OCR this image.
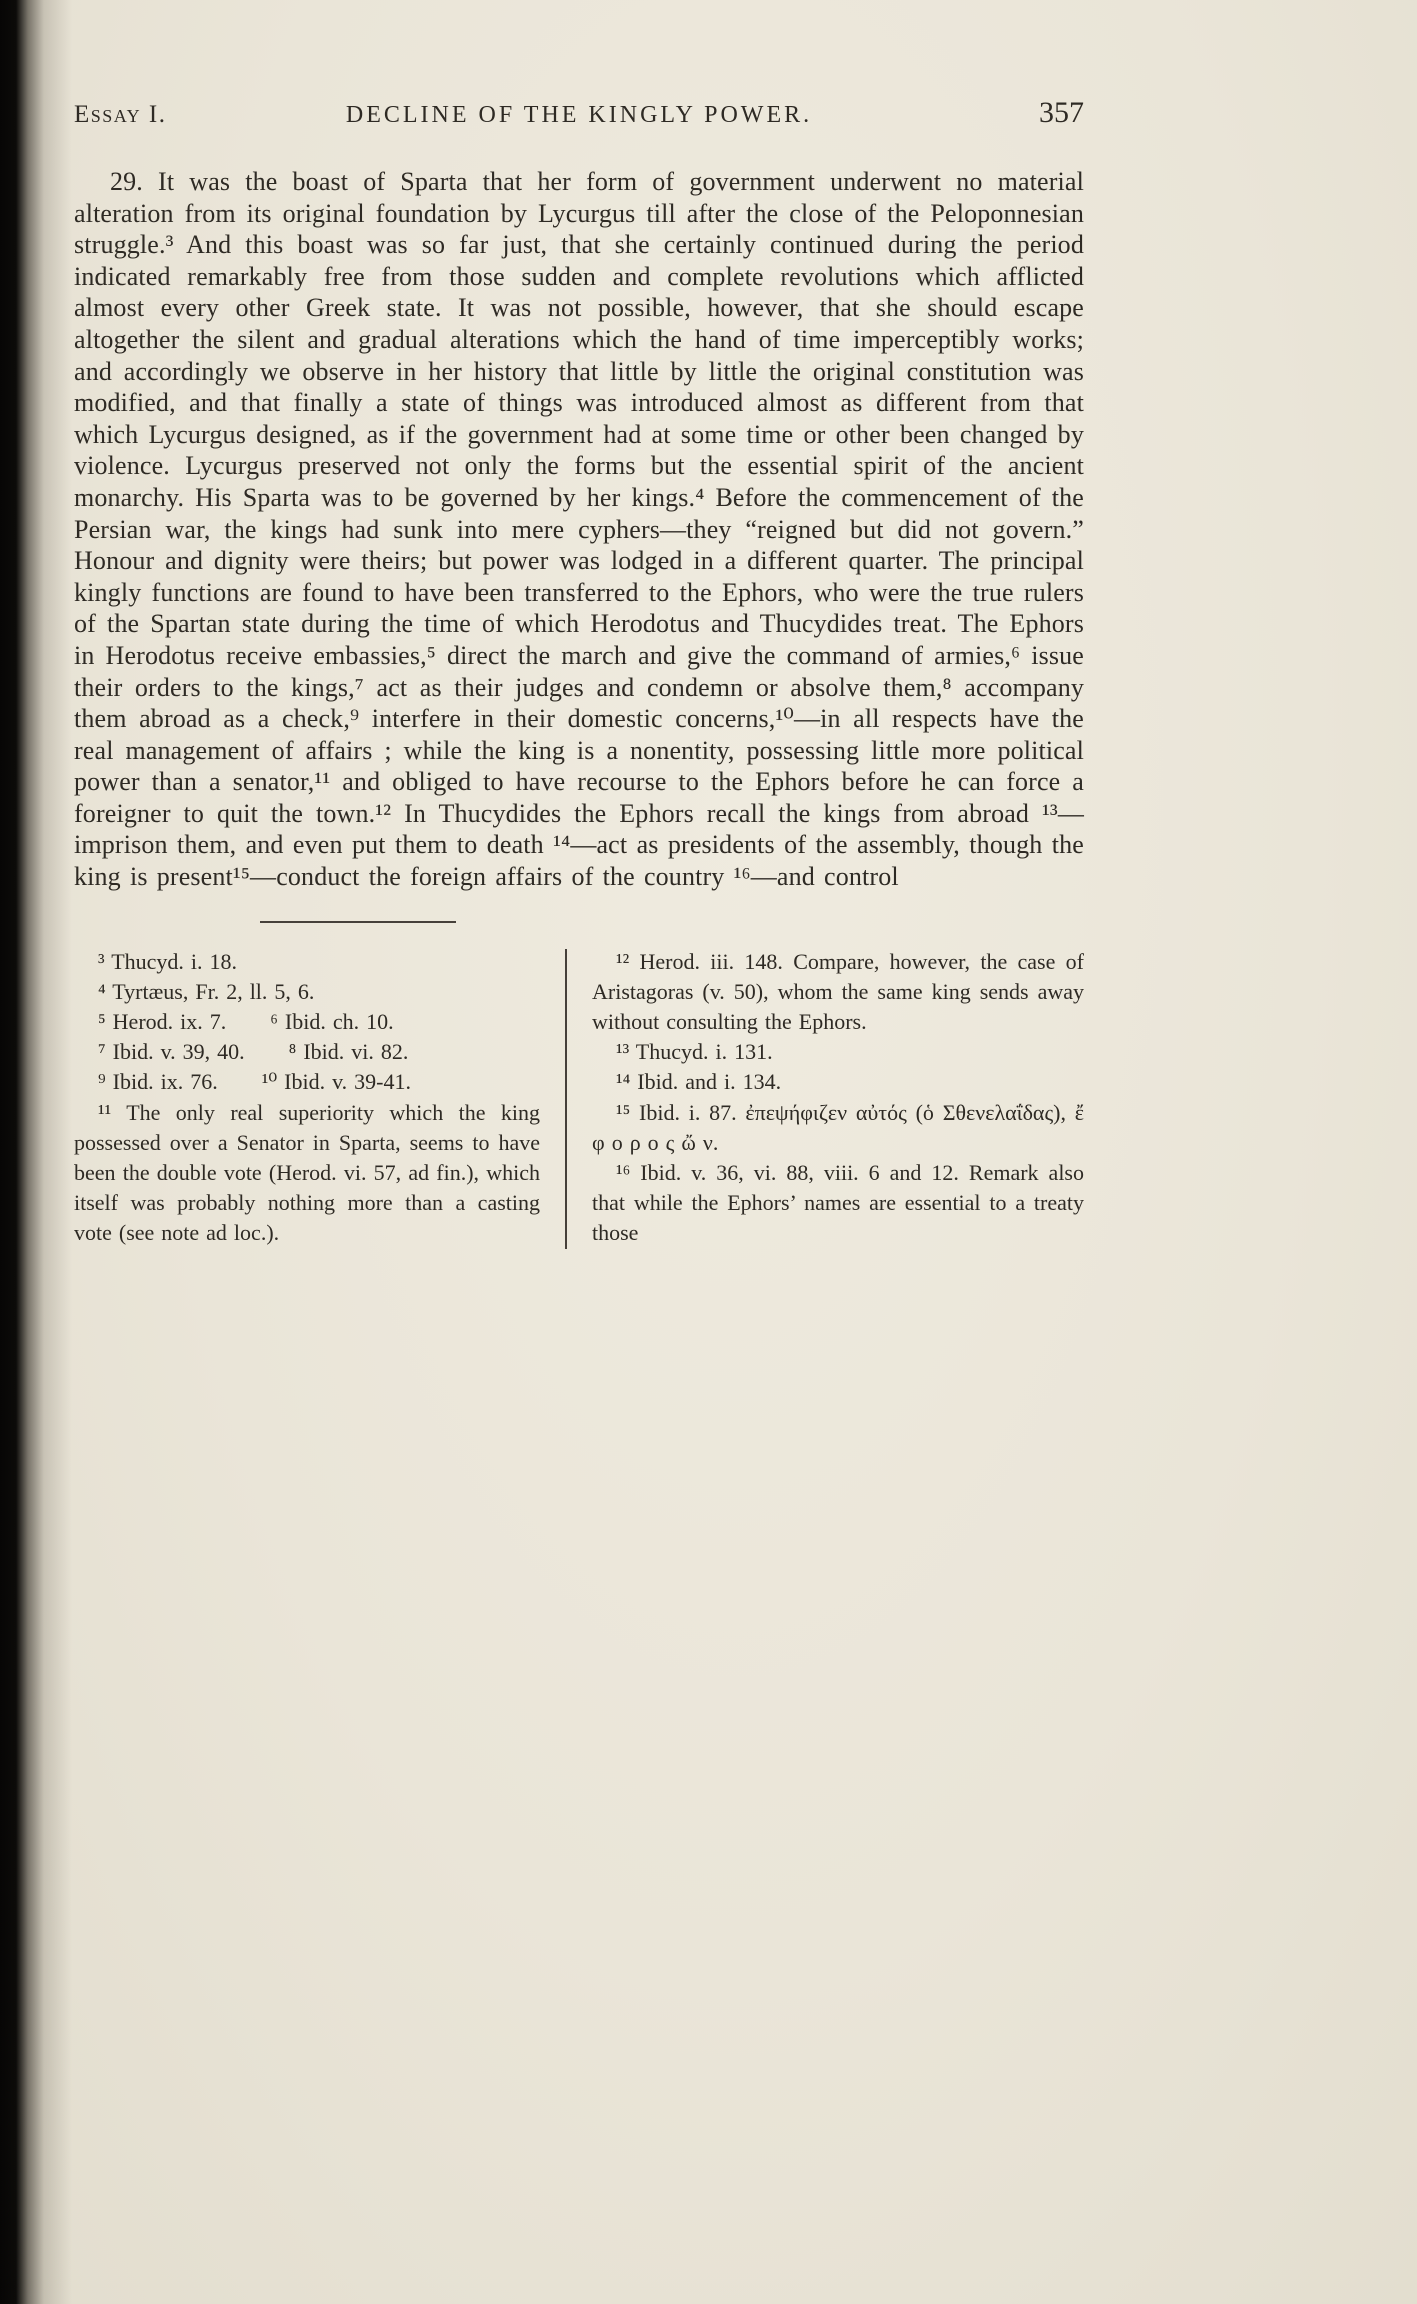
Essay I.	DECLINE OF THE KINGLY POWER.	357

29. It was the boast of Sparta that her form of government underwent no material alteration from its original foundation by Lycurgus till after the close of the Peloponnesian struggle.³ And this boast was so far just, that she certainly continued during the period indicated remarkably free from those sudden and complete revolutions which afflicted almost every other Greek state. It was not possible, however, that she should escape altogether the silent and gradual alterations which the hand of time imperceptibly works; and accordingly we observe in her history that little by little the original constitution was modified, and that finally a state of things was introduced almost as different from that which Lycurgus designed, as if the government had at some time or other been changed by violence. Lycurgus preserved not only the forms but the essential spirit of the ancient monarchy. His Sparta was to be governed by her kings.⁴ Before the commencement of the Persian war, the kings had sunk into mere cyphers—they “reigned but did not govern.” Honour and dignity were theirs; but power was lodged in a different quarter. The principal kingly functions are found to have been transferred to the Ephors, who were the true rulers of the Spartan state during the time of which Herodotus and Thucydides treat. The Ephors in Herodotus receive embassies,⁵ direct the march and give the command of armies,⁶ issue their orders to the kings,⁷ act as their judges and condemn or absolve them,⁸ accompany them abroad as a check,⁹ interfere in their domestic concerns,¹⁰—in all respects have the real management of affairs ; while the king is a nonentity, possessing little more political power than a senator,¹¹ and obliged to have recourse to the Ephors before he can force a foreigner to quit the town.¹² In Thucydides the Ephors recall the kings from abroad ¹³—imprison them, and even put them to death ¹⁴—act as presidents of the assembly, though the king is present¹⁵—conduct the foreign affairs of the country ¹⁶—and control

³ Thucyd. i. 18.

⁴ Tyrtæus, Fr. 2, ll. 5, 6.

⁵ Herod. ix. 7.  ⁶ Ibid. ch. 10.

⁷ Ibid. v. 39, 40.  ⁸ Ibid. vi. 82.

⁹ Ibid. ix. 76.  ¹⁰ Ibid. v. 39-41.

¹¹ The only real superiority which the king possessed over a Senator in Sparta, seems to have been the double vote (Herod. vi. 57, ad fin.), which itself was probably nothing more than a casting vote (see note ad loc.).

¹² Herod. iii. 148. Compare, however, the case of Aristagoras (v. 50), whom the same king sends away without consulting the Ephors.

¹³ Thucyd. i. 131.

¹⁴ Ibid. and i. 134.

¹⁵ Ibid. i. 87. ἐπεψήφιζεν αὐτός (ὁ Σθενελαΐδας), ἔ φ ο ρ ο ς ὤ ν.

¹⁶ Ibid. v. 36, vi. 88, viii. 6 and 12. Remark also that while the Ephors’ names are essential to a treaty those
